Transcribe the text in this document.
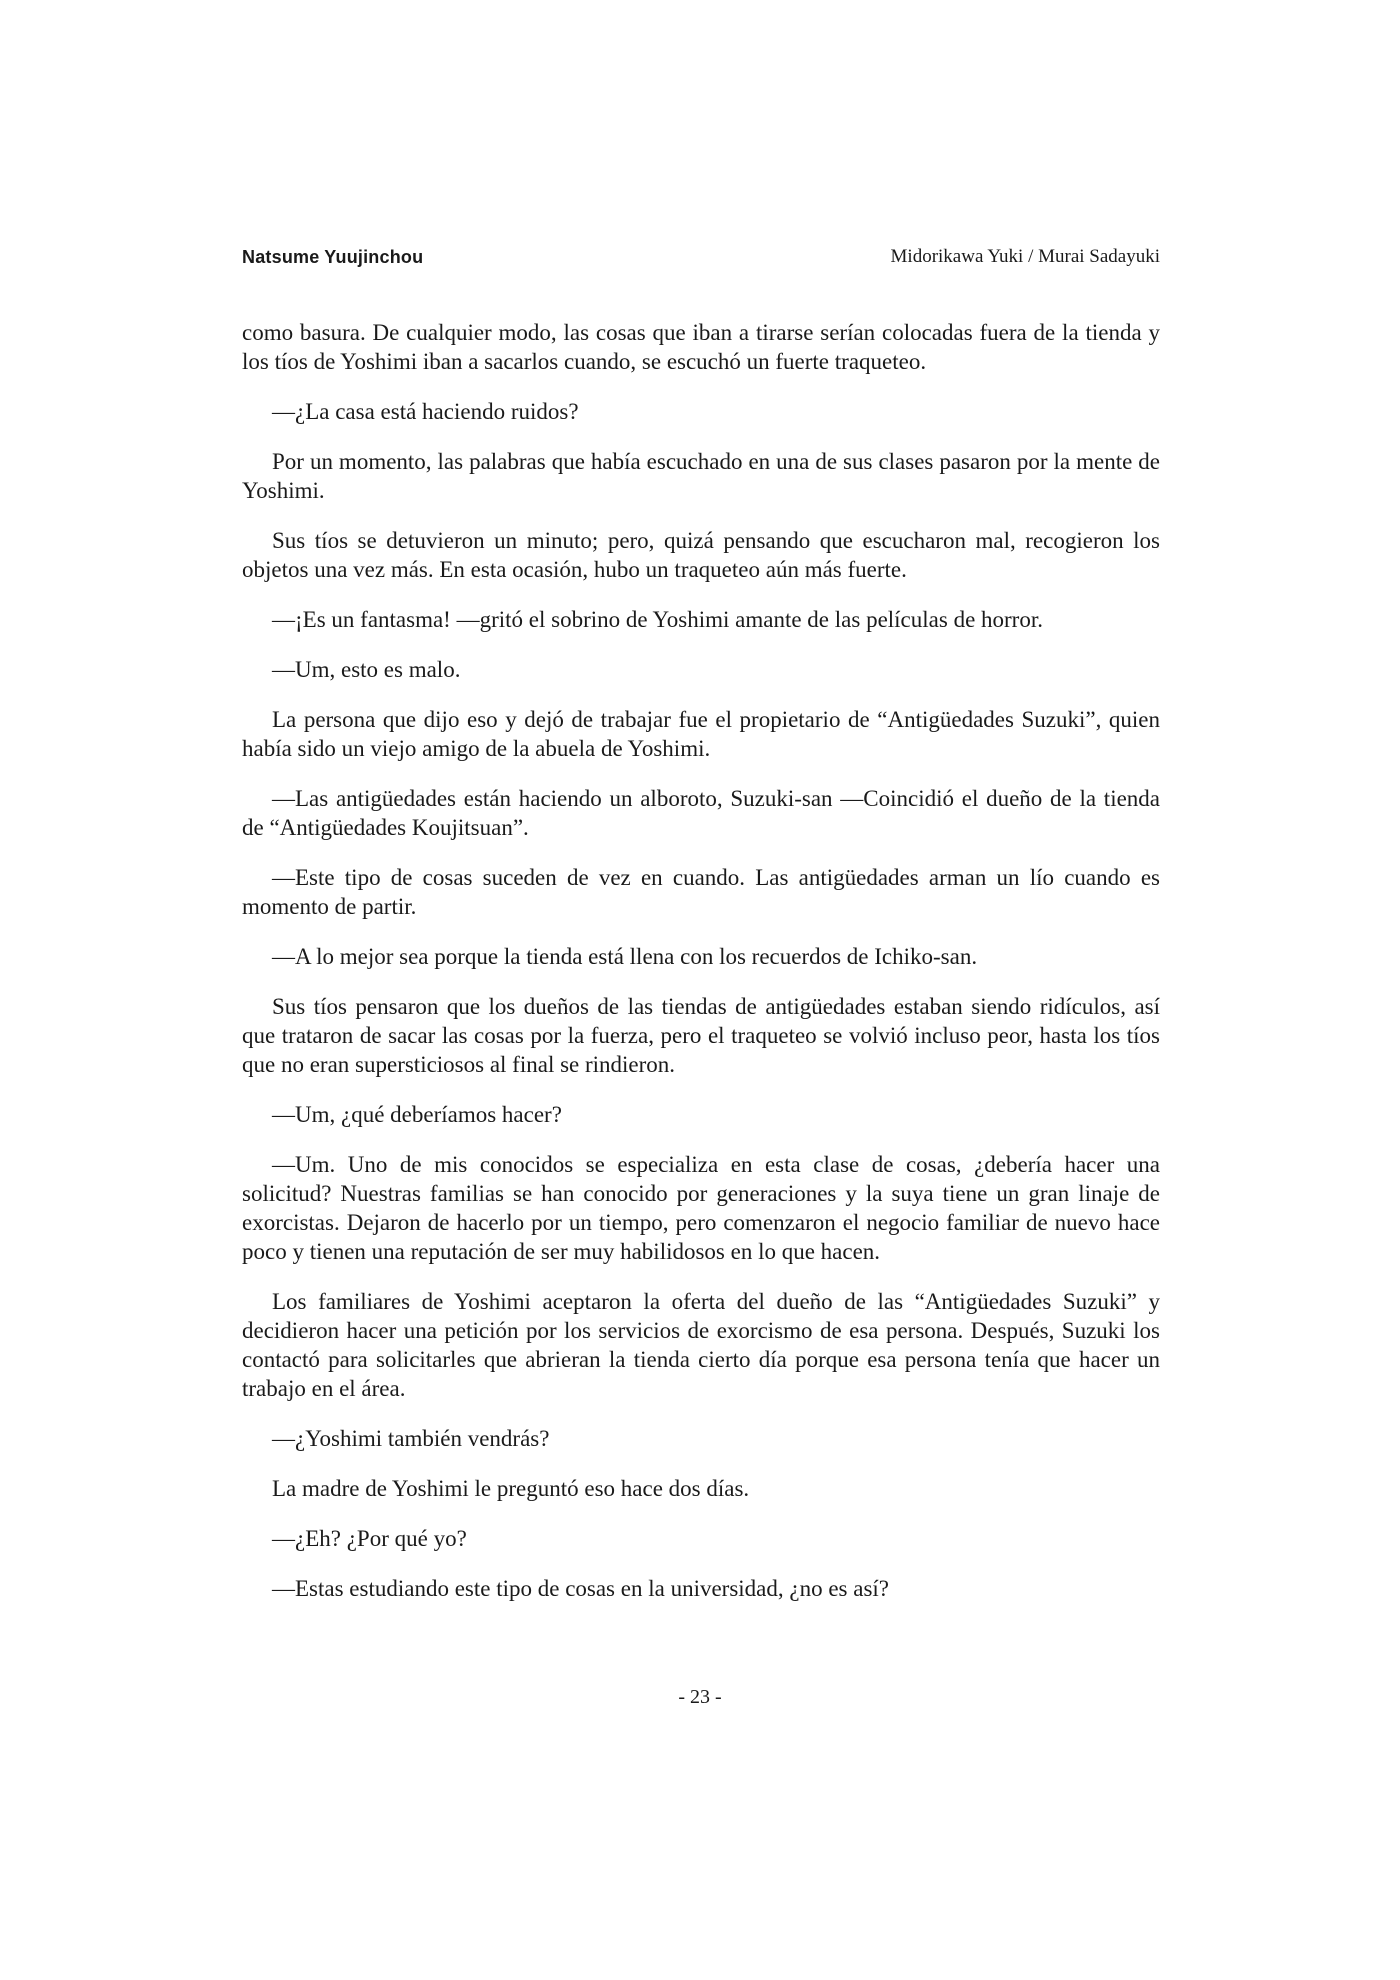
Natsume Yuujinchou	Midorikawa Yuki / Murai Sadayuki

como basura. De cualquier modo, las cosas que iban a tirarse serían colocadas fuera de la tienda y los tíos de Yoshimi iban a sacarlos cuando, se escuchó un fuerte traqueteo.

—¿La casa está haciendo ruidos?

Por un momento, las palabras que había escuchado en una de sus clases pasaron por la mente de Yoshimi.

Sus tíos se detuvieron un minuto; pero, quizá pensando que escucharon mal, recogieron los objetos una vez más. En esta ocasión, hubo un traqueteo aún más fuerte.

—¡Es un fantasma! —gritó el sobrino de Yoshimi amante de las películas de horror.

—Um, esto es malo.

La persona que dijo eso y dejó de trabajar fue el propietario de “Antigüedades Suzuki”, quien había sido un viejo amigo de la abuela de Yoshimi.

—Las antigüedades están haciendo un alboroto, Suzuki-san —Coincidió el dueño de la tienda de “Antigüedades Koujitsuan”.

—Este tipo de cosas suceden de vez en cuando. Las antigüedades arman un lío cuando es momento de partir.

—A lo mejor sea porque la tienda está llena con los recuerdos de Ichiko-san.

Sus tíos pensaron que los dueños de las tiendas de antigüedades estaban siendo ridículos, así que trataron de sacar las cosas por la fuerza, pero el traqueteo se volvió incluso peor, hasta los tíos que no eran supersticiosos al final se rindieron.

—Um, ¿qué deberíamos hacer?

—Um. Uno de mis conocidos se especializa en esta clase de cosas, ¿debería hacer una solicitud? Nuestras familias se han conocido por generaciones y la suya tiene un gran linaje de exorcistas. Dejaron de hacerlo por un tiempo, pero comenzaron el negocio familiar de nuevo hace poco y tienen una reputación de ser muy habilidosos en lo que hacen.

Los familiares de Yoshimi aceptaron la oferta del dueño de las “Antigüedades Suzuki” y decidieron hacer una petición por los servicios de exorcismo de esa persona. Después, Suzuki los contactó para solicitarles que abrieran la tienda cierto día porque esa persona tenía que hacer un trabajo en el área.

—¿Yoshimi también vendrás?

La madre de Yoshimi le preguntó eso hace dos días.

—¿Eh? ¿Por qué yo?

—Estas estudiando este tipo de cosas en la universidad, ¿no es así?

- 23 -
